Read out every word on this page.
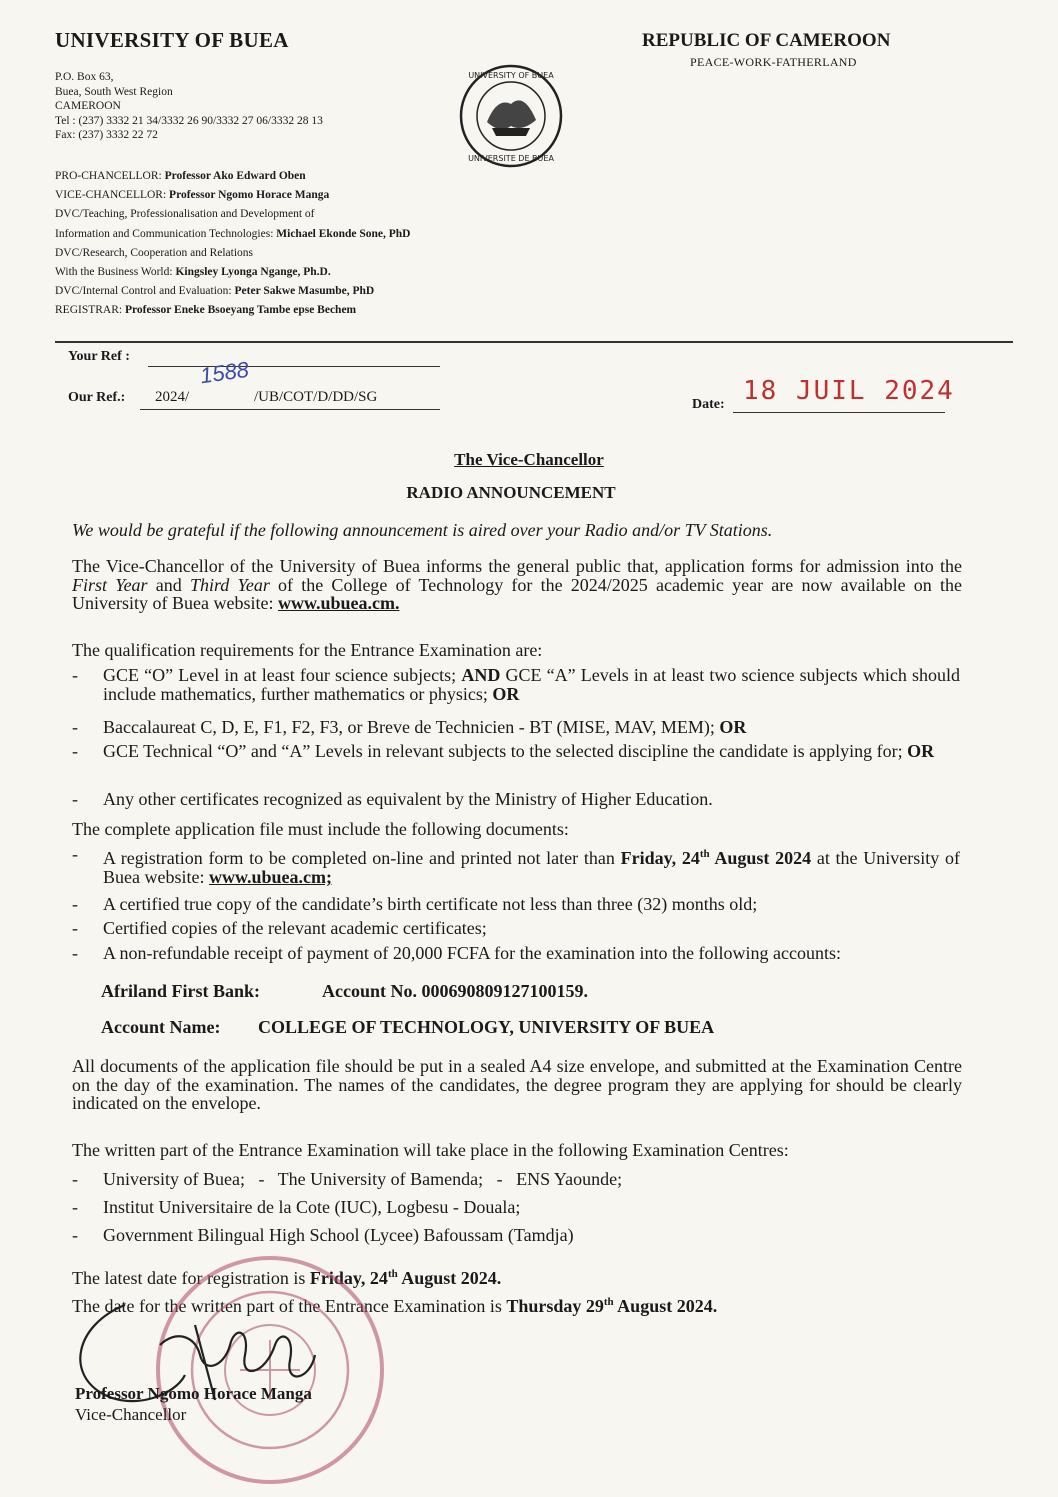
UNIVERSITY OF BUEA	REPUBLIC OF CAMEROON
PEACE-WORK-FATHERLAND
P.O. Box 63,
Buea, South West Region
CAMEROON
Tel : (237) 3332 21 34/3332 26 90/3332 27 06/3332 28 13
Fax: (237) 3332 22 72
UNIVERSITY OF BUEA
UNIVERSITE DE BUEA
PRO-CHANCELLOR: Professor Ako Edward Oben
VICE-CHANCELLOR: Professor Ngomo Horace Manga
DVC/Teaching, Professionalisation and Development of
Information and Communication Technologies: Michael Ekonde Sone, PhD
DVC/Research, Cooperation and Relations
With the Business World: Kingsley Lyonga Ngange, Ph.D.
DVC/Internal Control and Evaluation: Peter Sakwe Masumbe, PhD
REGISTRAR: Professor Eneke Bsoeyang Tambe epse Bechem
Your Ref :
Our Ref.: 2024/
1588
/UB/COT/D/DD/SG	Date: 18 JUIL 2024
The Vice-Chancellor
RADIO ANNOUNCEMENT
We would be grateful if the following announcement is aired over your Radio and/or TV Stations.
The Vice-Chancellor of the University of Buea informs the general public that, application forms for admission into the First Year and Third Year of the College of Technology for the 2024/2025 academic year are now available on the University of Buea website: www.ubuea.cm.
The qualification requirements for the Entrance Examination are:
- GCE “O” Level in at least four science subjects; AND GCE “A” Levels in at least two science subjects which should include mathematics, further mathematics or physics; OR
- Baccalaureat C, D, E, F1, F2, F3, or Breve de Technicien - BT (MISE, MAV, MEM); OR
- GCE Technical “O” and “A” Levels in relevant subjects to the selected discipline the candidate is applying for; OR
- Any other certificates recognized as equivalent by the Ministry of Higher Education.
The complete application file must include the following documents:
- A registration form to be completed on-line and printed not later than Friday, 24th August 2024 at the University of Buea website: www.ubuea.cm;
- A certified true copy of the candidate’s birth certificate not less than three (32) months old;
- Certified copies of the relevant academic certificates;
- A non-refundable receipt of payment of 20,000 FCFA for the examination into the following accounts:
Afriland First Bank:	Account No. 000690809127100159.
Account Name: COLLEGE OF TECHNOLOGY, UNIVERSITY OF BUEA
All documents of the application file should be put in a sealed A4 size envelope, and submitted at the Examination Centre on the day of the examination. The names of the candidates, the degree program they are applying for should be clearly indicated on the envelope.
The written part of the Entrance Examination will take place in the following Examination Centres:
- University of Buea;   -   The University of Bamenda;   -   ENS Yaounde;
- Institut Universitaire de la Cote (IUC), Logbesu - Douala;
- Government Bilingual High School (Lycee) Bafoussam (Tamdja)
The latest date for registration is Friday, 24th August 2024.
The date for the written part of the Entrance Examination is Thursday 29th August 2024.
Professor Ngomo Horace Manga
Vice-Chancellor
